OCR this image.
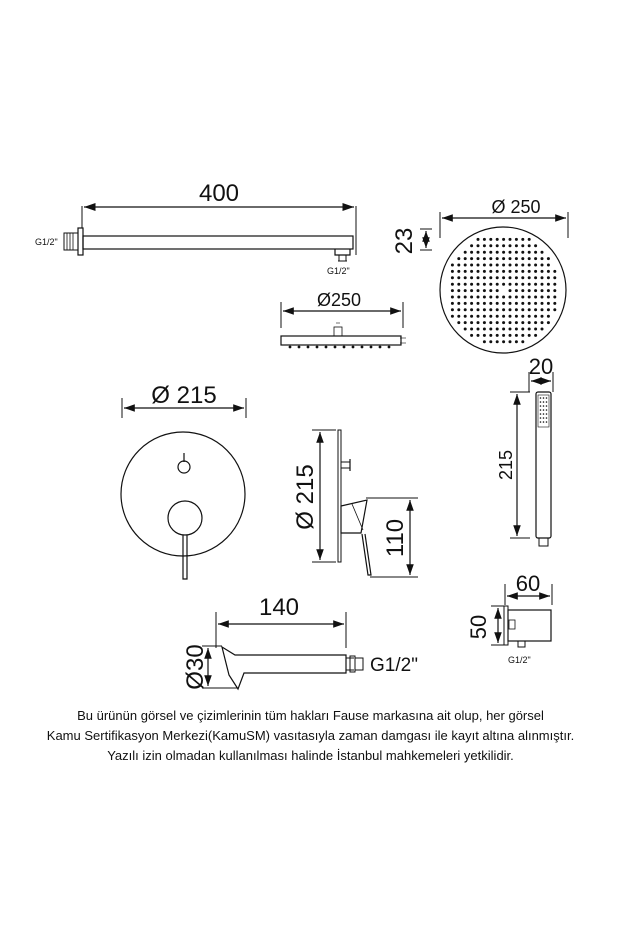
400
G1/2"
G1/2"
23
Ø 250
Ø250
20
215
Ø 215
Ø 215
110
140
Ø30	G1/2"
60
50
G1/2"
Bu ürünün görsel ve çizimlerinin tüm hakları Fause markasına ait olup, her görsel
Kamu Sertifikasyon Merkezi(KamuSM) vasıtasıyla zaman damgası ile kayıt altına alınmıştır.
Yazılı izin olmadan kullanılması halinde İstanbul mahkemeleri yetkilidir.
